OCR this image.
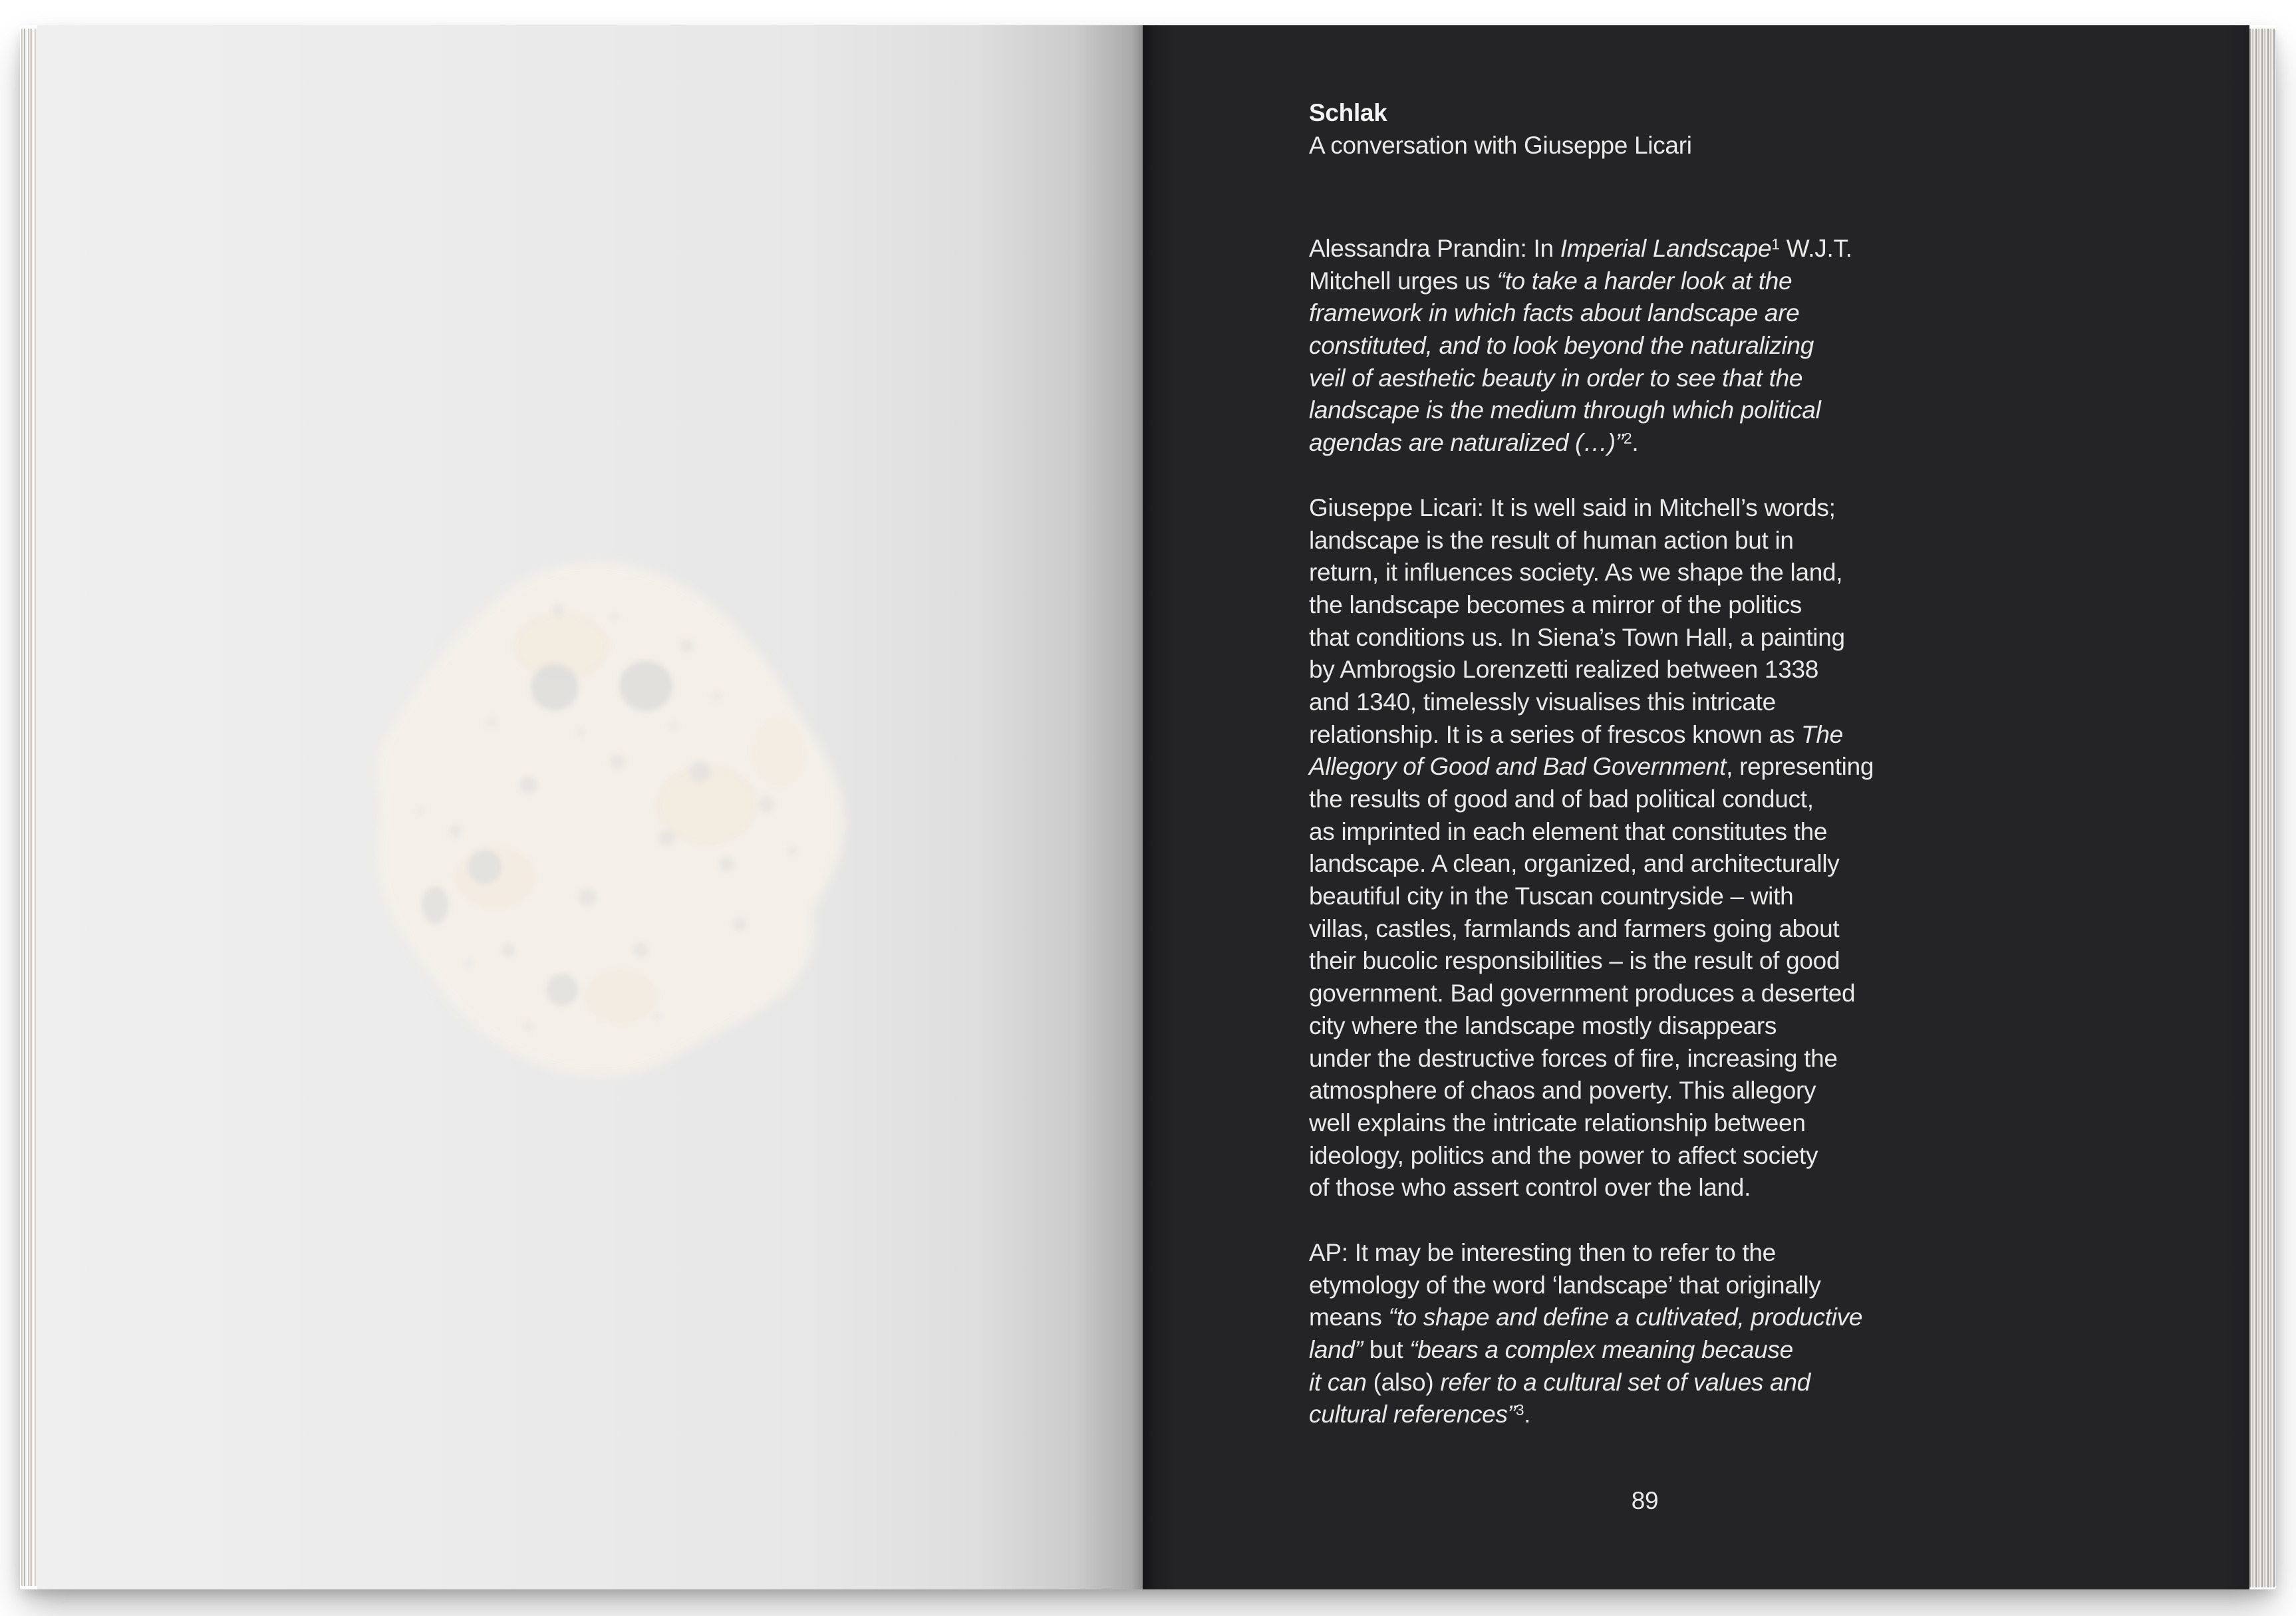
Schlak
A conversation with Giuseppe Licari
Alessandra Prandin: In Imperial Landscape$^1$ W.J.T.
Mitchell urges us “to take a harder look at the
framework in which facts about landscape are
constituted, and to look beyond the naturalizing
veil of aesthetic beauty in order to see that the
landscape is the medium through which political
agendas are naturalized (…)”$^2$.
Giuseppe Licari: It is well said in Mitchell’s words;
landscape is the result of human action but in
return, it influences society. As we shape the land,
the landscape becomes a mirror of the politics
that conditions us. In Siena’s Town Hall, a painting
by Ambrogsio Lorenzetti realized between 1338
and 1340, timelessly visualises this intricate
relationship. It is a series of frescos known as The
Allegory of Good and Bad Government, representing
the results of good and of bad political conduct,
as imprinted in each element that constitutes the
landscape. A clean, organized, and architecturally
beautiful city in the Tuscan countryside – with
villas, castles, farmlands and farmers going about
their bucolic responsibilities – is the result of good
government. Bad government produces a deserted
city where the landscape mostly disappears
under the destructive forces of fire, increasing the
atmosphere of chaos and poverty. This allegory
well explains the intricate relationship between
ideology, politics and the power to affect society
of those who assert control over the land.
AP: It may be interesting then to refer to the
etymology of the word ‘landscape’ that originally
means “to shape and define a cultivated, productive
land” but “bears a complex meaning because
it can (also) refer to a cultural set of values and
cultural references”$^3$.
89
